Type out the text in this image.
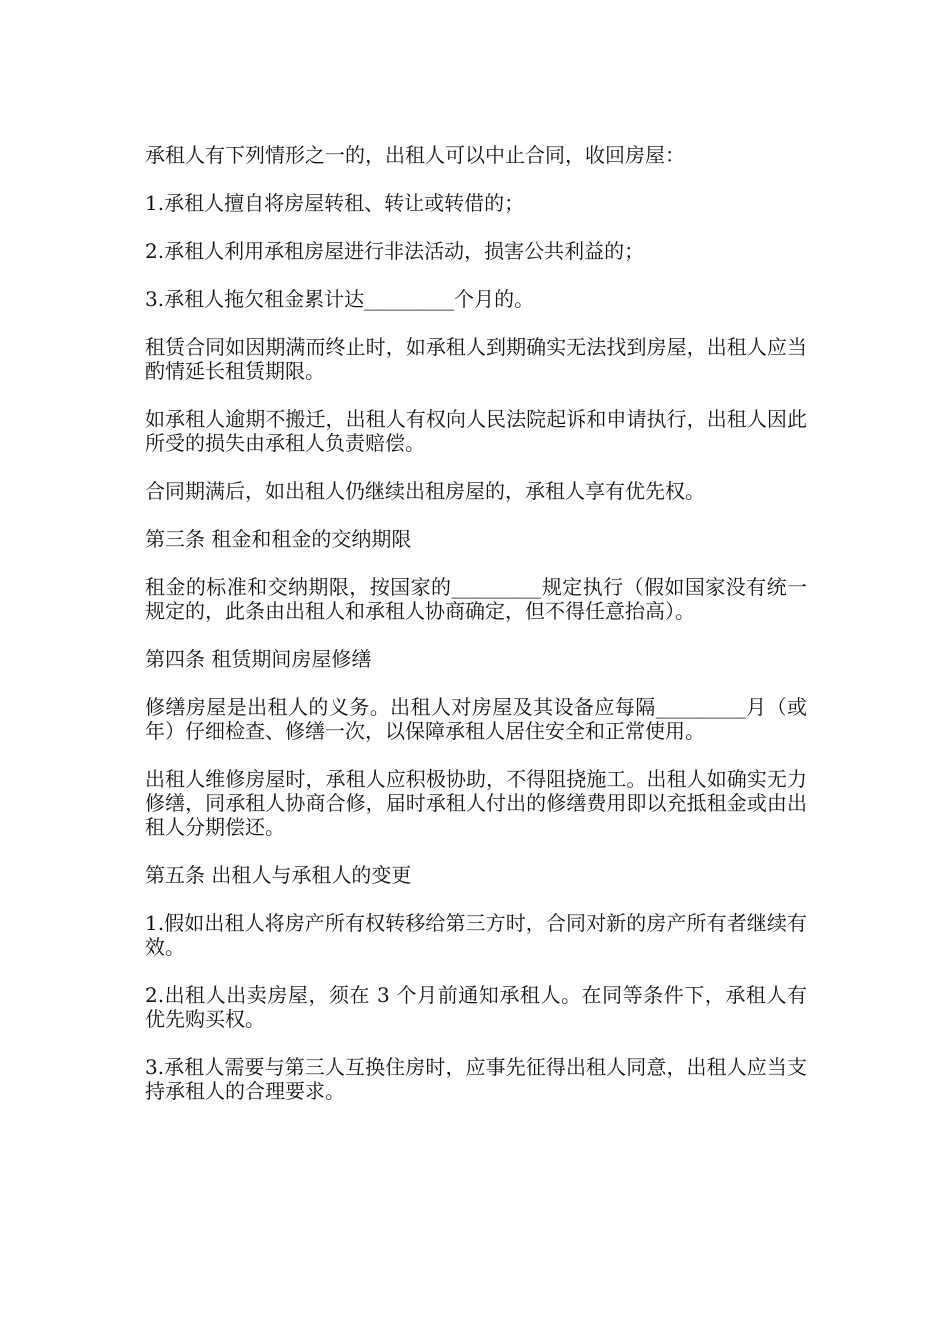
承租人有下列情形之一的，出租人可以中止合同，收回房屋：

1.承租人擅自将房屋转租、转让或转借的；

2.承租人利用承租房屋进行非法活动，损害公共利益的；

3.承租人拖欠租金累计达_________个月的。

租赁合同如因期满而终止时，如承租人到期确实无法找到房屋，出租人应当酌情延长租赁期限。

如承租人逾期不搬迁，出租人有权向人民法院起诉和申请执行，出租人因此所受的损失由承租人负责赔偿。

合同期满后，如出租人仍继续出租房屋的，承租人享有优先权。

第三条 租金和租金的交纳期限

租金的标准和交纳期限，按国家的_________规定执行（假如国家没有统一规定的，此条由出租人和承租人协商确定，但不得任意抬高）。

第四条 租赁期间房屋修缮

修缮房屋是出租人的义务。出租人对房屋及其设备应每隔_________月（或年）仔细检查、修缮一次，以保障承租人居住安全和正常使用。

出租人维修房屋时，承租人应积极协助，不得阻挠施工。出租人如确实无力修缮，同承租人协商合修，届时承租人付出的修缮费用即以充抵租金或由出租人分期偿还。

第五条 出租人与承租人的变更

1.假如出租人将房产所有权转移给第三方时，合同对新的房产所有者继续有效。

2.出租人出卖房屋，须在 3 个月前通知承租人。在同等条件下，承租人有优先购买权。

3.承租人需要与第三人互换住房时，应事先征得出租人同意，出租人应当支持承租人的合理要求。
